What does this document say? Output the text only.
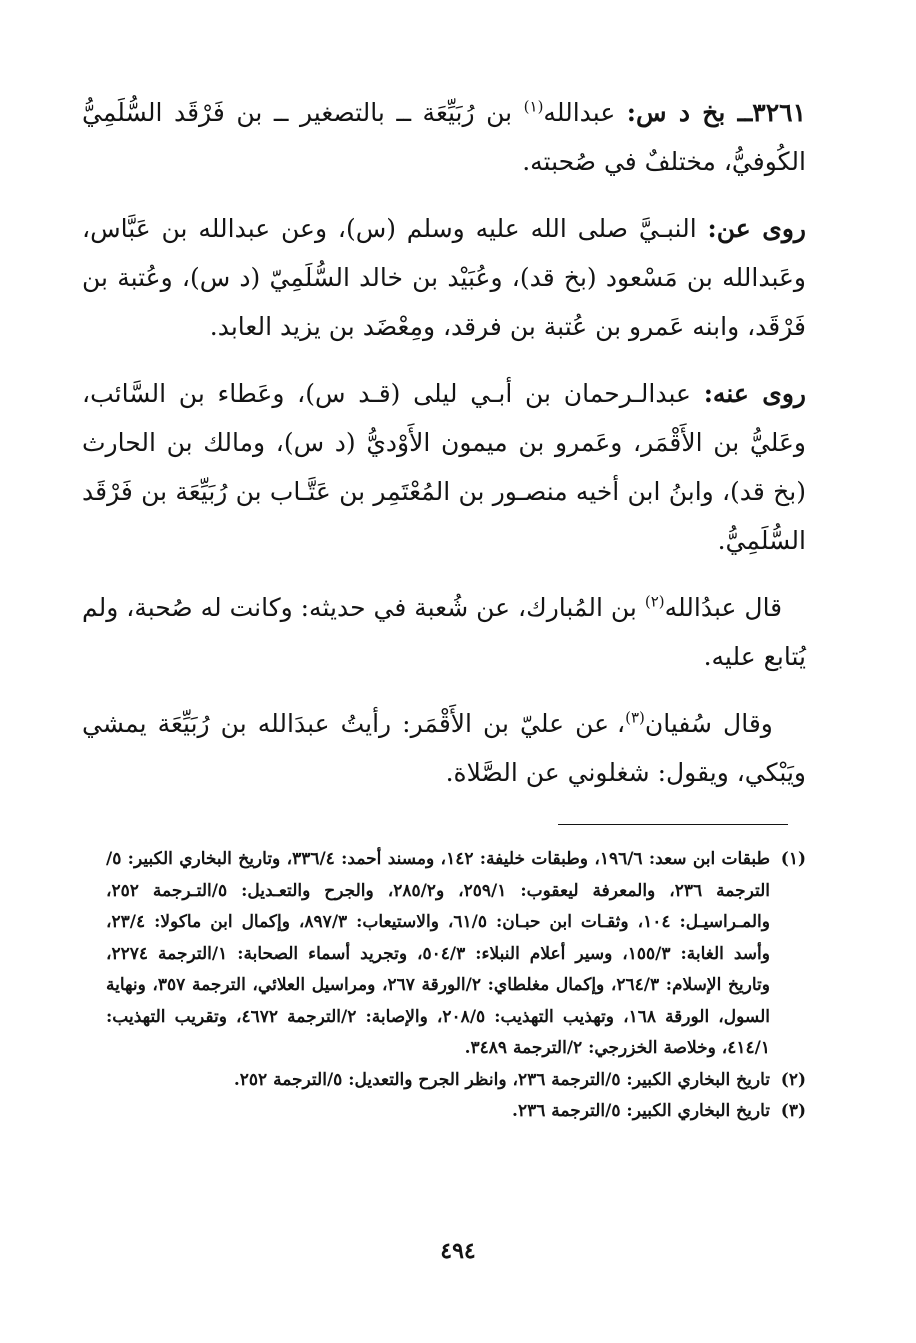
٣٢٦١ــ بخ د س: عبدالله$^{(١)}$ بن رُبَيِّعَة ــ بالتصغير ــ بن فَرْقَد السُّلَمِيُّ الكُوفيُّ، مختلفٌ في صُحبته.

روى عن: النبـيَّ صلى الله عليه وسلم (س)، وعن عبدالله بن عَبَّاس، وعَبدالله بن مَسْعود (بخ قد)، وعُبَيْد بن خالد السُّلَمِيّ (د س)، وعُتبة بن فَرْقَد، وابنه عَمرو بن عُتبة بن فرقد، ومِعْضَد بن يزيد العابد.

روى عنه: عبدالـرحمان بن أبـي ليلى (قـد س)، وعَطاء بن السَّائب، وعَليُّ بن الأَقْمَر، وعَمرو بن ميمون الأَوْديُّ (د س)، ومالك بن الحارث (بخ قد)، وابنُ ابن أخيه منصـور بن المُعْتَمِر بن عَتَّـاب بن رُبَيِّعَة بن فَرْقَد السُّلَمِيُّ.

قال عبدُالله$^{(٢)}$ بن المُبارك، عن شُعبة في حديثه: وكانت له صُحبة، ولم يُتابع عليه.

وقال سُفيان$^{(٣)}$، عن عليّ بن الأَقْمَر: رأيتُ عبدَالله بن رُبَيِّعَة يمشي ويَبْكي، ويقول: شغلوني عن الصَّلاة.

(١)
طبقات ابن سعد: ١٩٦/٦، وطبقات خليفة: ١٤٢، ومسند أحمد: ٣٣٦/٤، وتاريخ البخاري الكبير: ٥/الترجمة ٢٣٦، والمعرفة ليعقوب: ٢٥٩/١، و٢٨٥/٢، والجرح والتعـديل: ٥/التـرجمة ٢٥٢، والمـراسيـل: ١٠٤، وثقـات ابن حبـان: ٦١/٥، والاستيعاب: ٨٩٧/٣، وإكمال ابن ماكولا: ٢٣/٤، وأسد الغابة: ١٥٥/٣، وسير أعلام النبلاء: ٥٠٤/٣، وتجريد أسماء الصحابة: ١/الترجمة ٢٢٧٤، وتاريخ الإسلام: ٢٦٤/٣، وإكمال مغلطاي: ٢/الورقة ٢٦٧، ومراسيل العلائي، الترجمة ٣٥٧، ونهاية السول، الورقة ١٦٨، وتهذيب التهذيب: ٢٠٨/٥، والإصابة: ٢/الترجمة ٤٦٧٢، وتقريب التهذيب: ٤١٤/١، وخلاصة الخزرجي: ٢/الترجمة ٣٤٨٩.
(٢)
تاريخ البخاري الكبير: ٥/الترجمة ٢٣٦، وانظر الجرح والتعديل: ٥/الترجمة ٢٥٢.
(٣)
تاريخ البخاري الكبير: ٥/الترجمة ٢٣٦.
٤٩٤
